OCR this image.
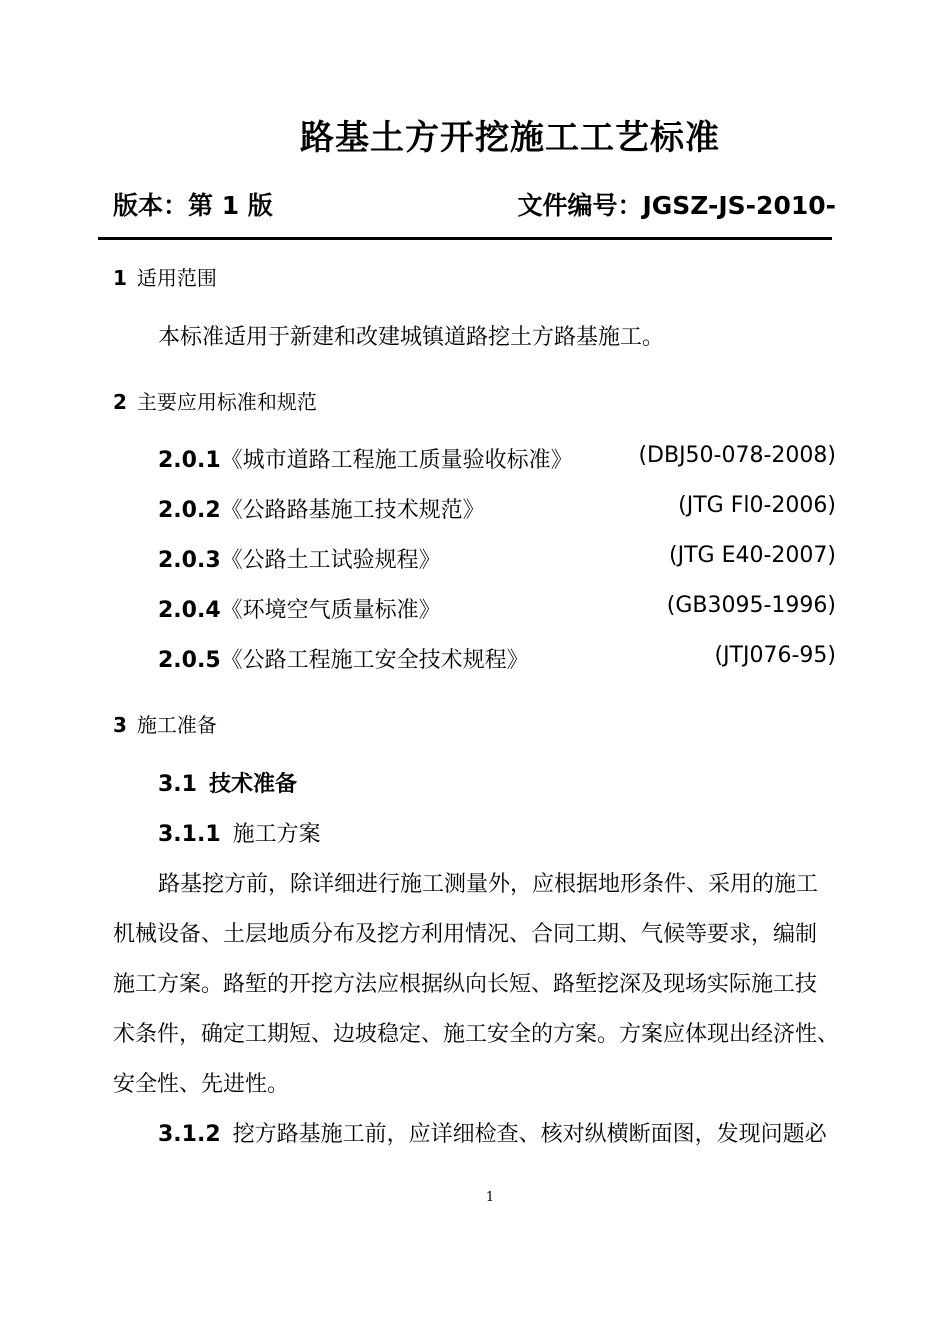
路基土方开挖施工工艺标准
版本：第 1 版	文件编号：JGSZ-JS-2010-
1 适用范围
本标准适用于新建和改建城镇道路挖土方路基施工。
2 主要应用标准和规范
2.0.1《城市道路工程施工质量验收标准》	(DBJ50-078-2008)
2.0.2《公路路基施工技术规范》	(JTG Fl0-2006)
2.0.3《公路土工试验规程》	(JTG E40-2007)
2.0.4《环境空气质量标准》	(GB3095-1996)
2.0.5《公路工程施工安全技术规程》	(JTJ076-95)
3 施工准备
3.1 技术准备
3.1.1 施工方案
路基挖方前，除详细进行施工测量外，应根据地形条件、采用的施工
机械设备、土层地质分布及挖方利用情况、合同工期、气候等要求，编制
施工方案。路堑的开挖方法应根据纵向长短、路堑挖深及现场实际施工技
术条件，确定工期短、边坡稳定、施工安全的方案。方案应体现出经济性、
安全性、先进性。
3.1.2 挖方路基施工前，应详细检查、核对纵横断面图，发现问题必
1
